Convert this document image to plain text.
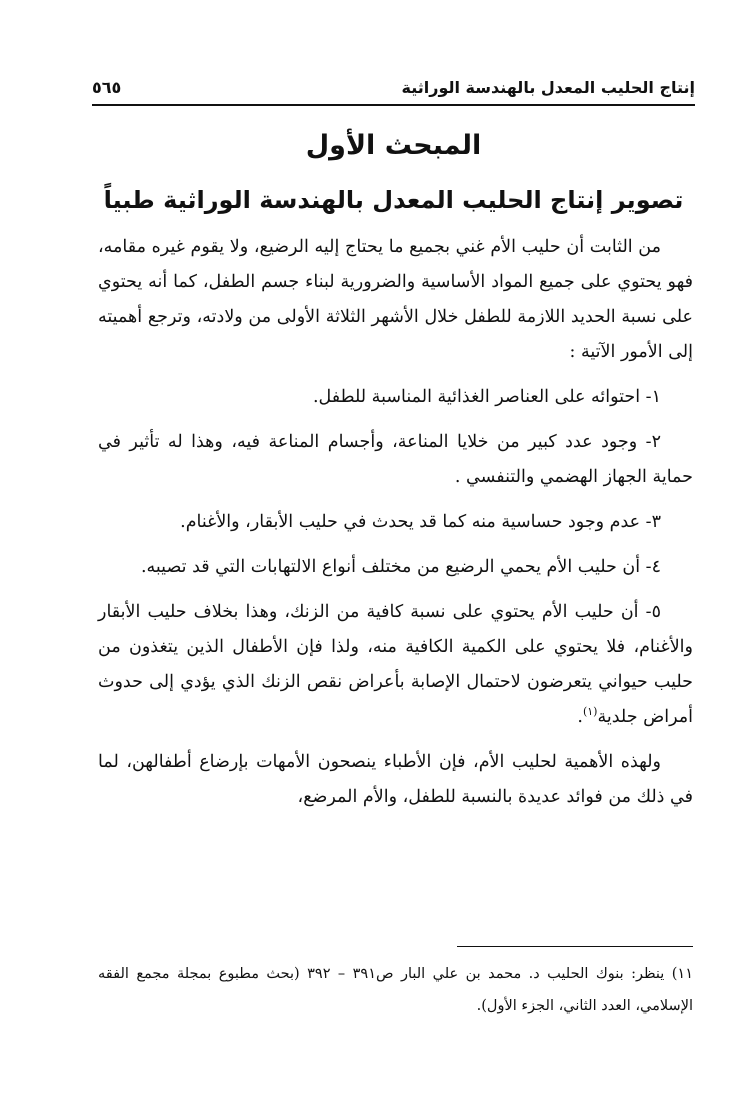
إنتاج الحليب المعدل بالهندسة الوراثية
٥٦٥
المبحث الأول
تصوير إنتاج الحليب المعدل بالهندسة الوراثية طبياً

من الثابت أن حليب الأم غني بجميع ما يحتاج إليه الرضيع، ولا يقوم غيره مقامه، فهو يحتوي على جميع المواد الأساسية والضرورية لبناء جسم الطفل، كما أنه يحتوي على نسبة الحديد اللازمة للطفل خلال الأشهر الثلاثة الأولى من ولادته، وترجع أهميته إلى الأمور الآتية :

١- احتوائه على العناصر الغذائية المناسبة للطفل.

٢- وجود عدد كبير من خلايا المناعة، وأجسام المناعة فيه، وهذا له تأثير في حماية الجهاز الهضمي والتنفسي .

٣- عدم وجود حساسية منه كما قد يحدث في حليب الأبقار، والأغنام.

٤- أن حليب الأم يحمي الرضيع من مختلف أنواع الالتهابات التي قد تصيبه.

٥- أن حليب الأم يحتوي على نسبة كافية من الزنك، وهذا بخلاف حليب الأبقار والأغنام، فلا يحتوي على الكمية الكافية منه، ولذا فإن الأطفال الذين يتغذون من حليب حيواني يتعرضون لاحتمال الإصابة بأعراض نقص الزنك الذي يؤدي إلى حدوث أمراض جلدية$^{(١)}$.

ولهذه الأهمية لحليب الأم، فإن الأطباء ينصحون الأمهات بإرضاع أطفالهن، لما في ذلك من فوائد عديدة بالنسبة للطفل، والأم المرضع،

١١) ينظر: بنوك الحليب د. محمد بن علي البار ص٣٩١ – ٣٩٢ (بحث مطبوع بمجلة مجمع الفقه الإسلامي، العدد الثاني، الجزء الأول).
